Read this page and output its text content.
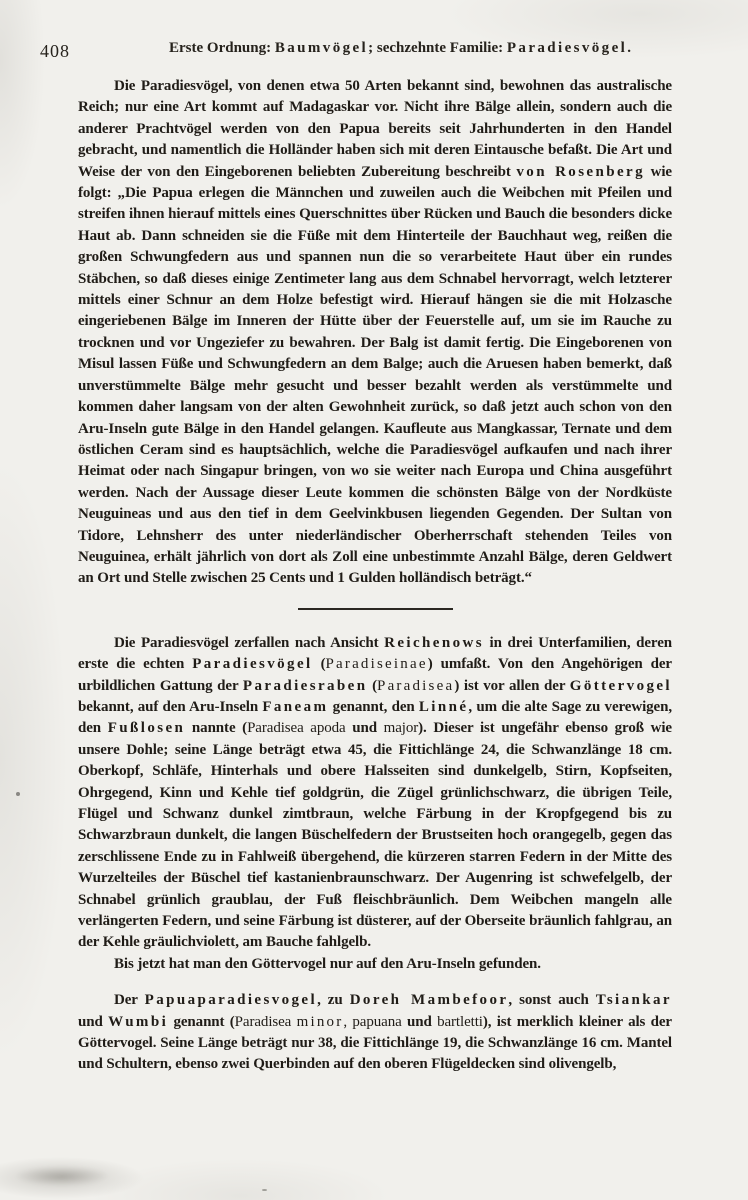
408	Erste Ordnung: Baumvögel; sechzehnte Familie: Paradiesvögel.

Die Paradiesvögel, von denen etwa 50 Arten bekannt sind, bewohnen das australische Reich; nur eine Art kommt auf Madagaskar vor. Nicht ihre Bälge allein, sondern auch die anderer Prachtvögel werden von den Papua bereits seit Jahrhunderten in den Handel gebracht, und namentlich die Holländer haben sich mit deren Eintausche befaßt. Die Art und Weise der von den Eingeborenen beliebten Zubereitung beschreibt von Rosenberg wie folgt: „Die Papua erlegen die Männchen und zuweilen auch die Weibchen mit Pfeilen und streifen ihnen hierauf mittels eines Querschnittes über Rücken und Bauch die besonders dicke Haut ab. Dann schneiden sie die Füße mit dem Hinterteile der Bauchhaut weg, reißen die großen Schwungfedern aus und spannen nun die so verarbeitete Haut über ein rundes Stäbchen, so daß dieses einige Zentimeter lang aus dem Schnabel hervorragt, welch letzterer mittels einer Schnur an dem Holze befestigt wird. Hierauf hängen sie die mit Holzasche eingeriebenen Bälge im Inneren der Hütte über der Feuerstelle auf, um sie im Rauche zu trocknen und vor Ungeziefer zu bewahren. Der Balg ist damit fertig. Die Eingeborenen von Misul lassen Füße und Schwungfedern an dem Balge; auch die Aruesen haben bemerkt, daß unverstümmelte Bälge mehr gesucht und besser bezahlt werden als verstümmelte und kommen daher langsam von der alten Gewohnheit zurück, so daß jetzt auch schon von den Aru-Inseln gute Bälge in den Handel gelangen. Kaufleute aus Mangkassar, Ternate und dem östlichen Ceram sind es hauptsächlich, welche die Paradiesvögel aufkaufen und nach ihrer Heimat oder nach Singapur bringen, von wo sie weiter nach Europa und China ausgeführt werden. Nach der Aussage dieser Leute kommen die schönsten Bälge von der Nordküste Neuguineas und aus den tief in dem Geelvinkbusen liegenden Gegenden. Der Sultan von Tidore, Lehnsherr des unter niederländischer Oberherrschaft stehenden Teiles von Neuguinea, erhält jährlich von dort als Zoll eine unbestimmte Anzahl Bälge, deren Geldwert an Ort und Stelle zwischen 25 Cents und 1 Gulden holländisch beträgt.“

Die Paradiesvögel zerfallen nach Ansicht Reichenows in drei Unterfamilien, deren erste die echten Paradiesvögel (Paradiseinae) umfaßt. Von den Angehörigen der urbildlichen Gattung der Paradiesraben (Paradisea) ist vor allen der Göttervogel bekannt, auf den Aru-Inseln Faneam genannt, den Linné, um die alte Sage zu verewigen, den Fußlosen nannte (Paradisea apoda und major). Dieser ist ungefähr ebenso groß wie unsere Dohle; seine Länge beträgt etwa 45, die Fittichlänge 24, die Schwanzlänge 18 cm. Oberkopf, Schläfe, Hinterhals und obere Halsseiten sind dunkelgelb, Stirn, Kopfseiten, Ohrgegend, Kinn und Kehle tief goldgrün, die Zügel grünlichschwarz, die übrigen Teile, Flügel und Schwanz dunkel zimtbraun, welche Färbung in der Kropfgegend bis zu Schwarzbraun dunkelt, die langen Büschelfedern der Brustseiten hoch orangegelb, gegen das zerschlissene Ende zu in Fahlweiß übergehend, die kürzeren starren Federn in der Mitte des Wurzelteiles der Büschel tief kastanienbraunschwarz. Der Augenring ist schwefelgelb, der Schnabel grünlich graublau, der Fuß fleischbräunlich. Dem Weibchen mangeln alle verlängerten Federn, und seine Färbung ist düsterer, auf der Oberseite bräunlich fahlgrau, an der Kehle gräulichviolett, am Bauche fahlgelb.

Bis jetzt hat man den Göttervogel nur auf den Aru-Inseln gefunden.

Der Papuaparadiesvogel, zu Doreh Mambefoor, sonst auch Tsiankar und Wumbi genannt (Paradisea minor, papuana und bartletti), ist merklich kleiner als der Göttervogel. Seine Länge beträgt nur 38, die Fittichlänge 19, die Schwanzlänge 16 cm. Mantel und Schultern, ebenso zwei Querbinden auf den oberen Flügeldecken sind olivengelb,
